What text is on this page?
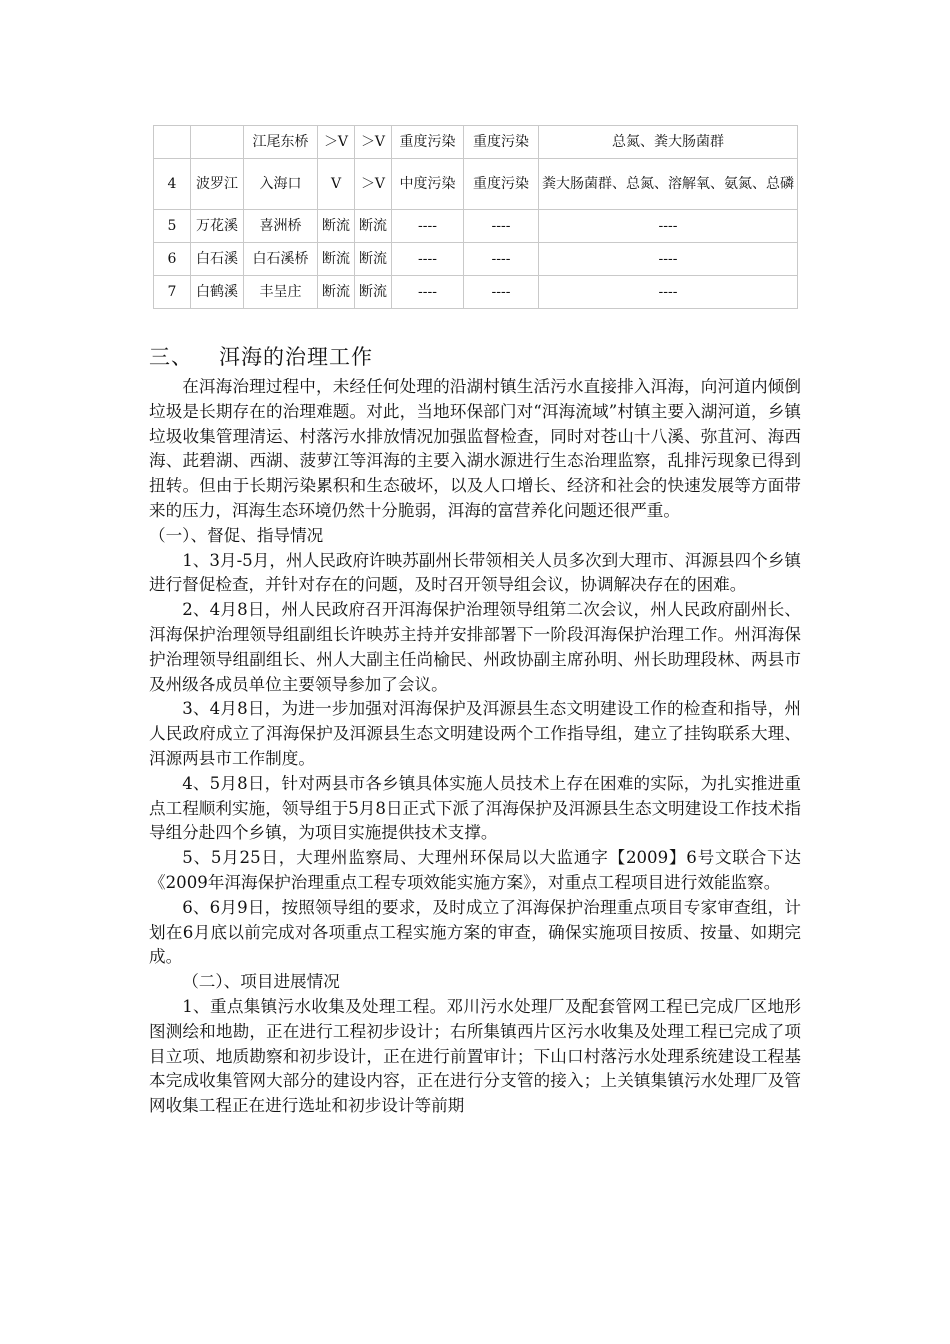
		江尾东桥	＞Ⅴ	＞Ⅴ	重度污染	重度污染	总氮、粪大肠菌群
4	波罗江	入海口	Ⅴ	＞Ⅴ	中度污染	重度污染	粪大肠菌群、总氮、溶解氧、氨氮、总磷
5	万花溪	喜洲桥	断流	断流	----	----	----
6	白石溪	白石溪桥	断流	断流	----	----	----
7	白鹤溪	丰呈庄	断流	断流	----	----	----
三、 洱海的治理工作

在洱海治理过程中，未经任何处理的沿湖村镇生活污水直接排入洱海，向河道内倾倒垃圾是长期存在的治理难题。对此，当地环保部门对“洱海流域”村镇主要入湖河道，乡镇垃圾收集管理清运、村落污水排放情况加强监督检查，同时对苍山十八溪、弥苴河、海西海、茈碧湖、西湖、菠萝江等洱海的主要入湖水源进行生态治理监察，乱排污现象已得到扭转。但由于长期污染累积和生态破坏，以及人口增长、经济和社会的快速发展等方面带来的压力，洱海生态环境仍然十分脆弱，洱海的富营养化问题还很严重。

（一）、督促、指导情况

1、3月-5月，州人民政府许映苏副州长带领相关人员多次到大理市、洱源县四个乡镇进行督促检查，并针对存在的问题，及时召开领导组会议，协调解决存在的困难。

2、4月8日，州人民政府召开洱海保护治理领导组第二次会议，州人民政府副州长、洱海保护治理领导组副组长许映苏主持并安排部署下一阶段洱海保护治理工作。州洱海保护治理领导组副组长、州人大副主任尚榆民、州政协副主席孙明、州长助理段林、两县市及州级各成员单位主要领导参加了会议。

3、4月8日，为进一步加强对洱海保护及洱源县生态文明建设工作的检查和指导，州人民政府成立了洱海保护及洱源县生态文明建设两个工作指导组，建立了挂钩联系大理、洱源两县市工作制度。

4、5月8日，针对两县市各乡镇具体实施人员技术上存在困难的实际，为扎实推进重点工程顺利实施，领导组于5月8日正式下派了洱海保护及洱源县生态文明建设工作技术指导组分赴四个乡镇，为项目实施提供技术支撑。

5、5月25日，大理州监察局、大理州环保局以大监通字【2009】6号文联合下达《2009年洱海保护治理重点工程专项效能实施方案》，对重点工程项目进行效能监察。

6、6月9日，按照领导组的要求，及时成立了洱海保护治理重点项目专家审查组，计划在6月底以前完成对各项重点工程实施方案的审查，确保实施项目按质、按量、如期完成。

（二）、项目进展情况

1、重点集镇污水收集及处理工程。邓川污水处理厂及配套管网工程已完成厂区地形图测绘和地勘，正在进行工程初步设计；右所集镇西片区污水收集及处理工程已完成了项目立项、地质勘察和初步设计，正在进行前置审计；下山口村落污水处理系统建设工程基本完成收集管网大部分的建设内容，正在进行分支管的接入；上关镇集镇污水处理厂及管网收集工程正在进行选址和初步设计等前期
